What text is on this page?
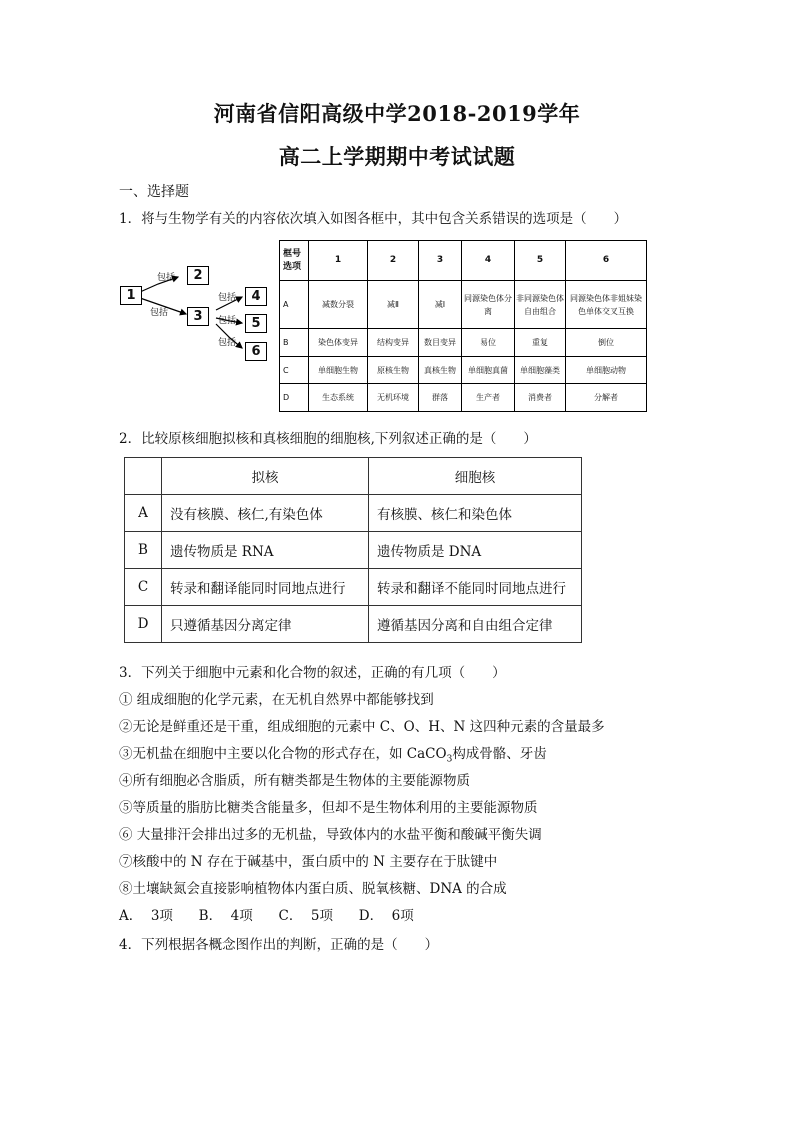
河南省信阳高级中学2018-2019学年
高二上学期期中考试试题
一、选择题
1．将与生物学有关的内容依次填入如图各框中，其中包含关系错误的选项是（　　）
1
2
3
4
5
6
包括
包括
包括
包括
包括
框号
选项	1	2	3	4	5	6
A	减数分裂	减Ⅱ	减Ⅰ	同源染色体分离	非同源染色体自由组合	同源染色体非姐妹染色单体交叉互换
B	染色体变异	结构变异	数目变异	易位	重复	倒位
C	单细胞生物	原核生物	真核生物	单细胞真菌	单细胞藻类	单细胞动物
D	生态系统	无机环境	群落	生产者	消费者	分解者
2．比较原核细胞拟核和真核细胞的细胞核,下列叙述正确的是（　　）
	拟核	细胞核
A	没有核膜、核仁,有染色体	有核膜、核仁和染色体
B	遗传物质是 RNA	遗传物质是 DNA
C	转录和翻译能同时同地点进行	转录和翻译不能同时同地点进行
D	只遵循基因分离定律	遵循基因分离和自由组合定律
3．下列关于细胞中元素和化合物的叙述，正确的有几项（　　）
① 组成细胞的化学元素，在无机自然界中都能够找到
②无论是鲜重还是干重，组成细胞的元素中 C、O、H、N 这四种元素的含量最多
③无机盐在细胞中主要以化合物的形式存在，如 CaCO$_3$构成骨骼、牙齿
④所有细胞必含脂质，所有糖类都是生物体的主要能源物质
⑤等质量的脂肪比糖类含能量多，但却不是生物体利用的主要能源物质
⑥ 大量排汗会排出过多的无机盐，导致体内的水盐平衡和酸碱平衡失调
⑦核酸中的 N 存在于碱基中，蛋白质中的 N 主要存在于肽键中
⑧土壤缺氮会直接影响植物体内蛋白质、脱氧核糖、DNA 的合成
A．  3项      B．  4项      C．  5项      D．  6项
4．下列根据各概念图作出的判断，正确的是（　　）
